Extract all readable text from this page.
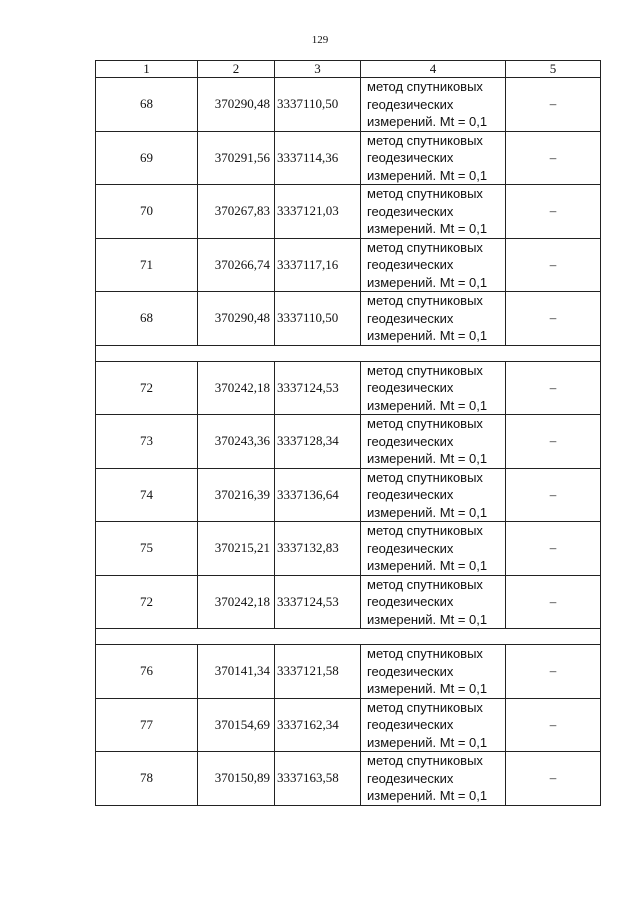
129
1	2	3	4	5
68	370290,48	3337110,50	метод спутниковых
геодезических
измерений. Mt = 0,1	–
69	370291,56	3337114,36	метод спутниковых
геодезических
измерений. Mt = 0,1	–
70	370267,83	3337121,03	метод спутниковых
геодезических
измерений. Mt = 0,1	–
71	370266,74	3337117,16	метод спутниковых
геодезических
измерений. Mt = 0,1	–
68	370290,48	3337110,50	метод спутниковых
геодезических
измерений. Mt = 0,1	–

72	370242,18	3337124,53	метод спутниковых
геодезических
измерений. Mt = 0,1	–
73	370243,36	3337128,34	метод спутниковых
геодезических
измерений. Mt = 0,1	–
74	370216,39	3337136,64	метод спутниковых
геодезических
измерений. Mt = 0,1	–
75	370215,21	3337132,83	метод спутниковых
геодезических
измерений. Mt = 0,1	–
72	370242,18	3337124,53	метод спутниковых
геодезических
измерений. Mt = 0,1	–

76	370141,34	3337121,58	метод спутниковых
геодезических
измерений. Mt = 0,1	–
77	370154,69	3337162,34	метод спутниковых
геодезических
измерений. Mt = 0,1	–
78	370150,89	3337163,58	метод спутниковых
геодезических
измерений. Mt = 0,1	–
